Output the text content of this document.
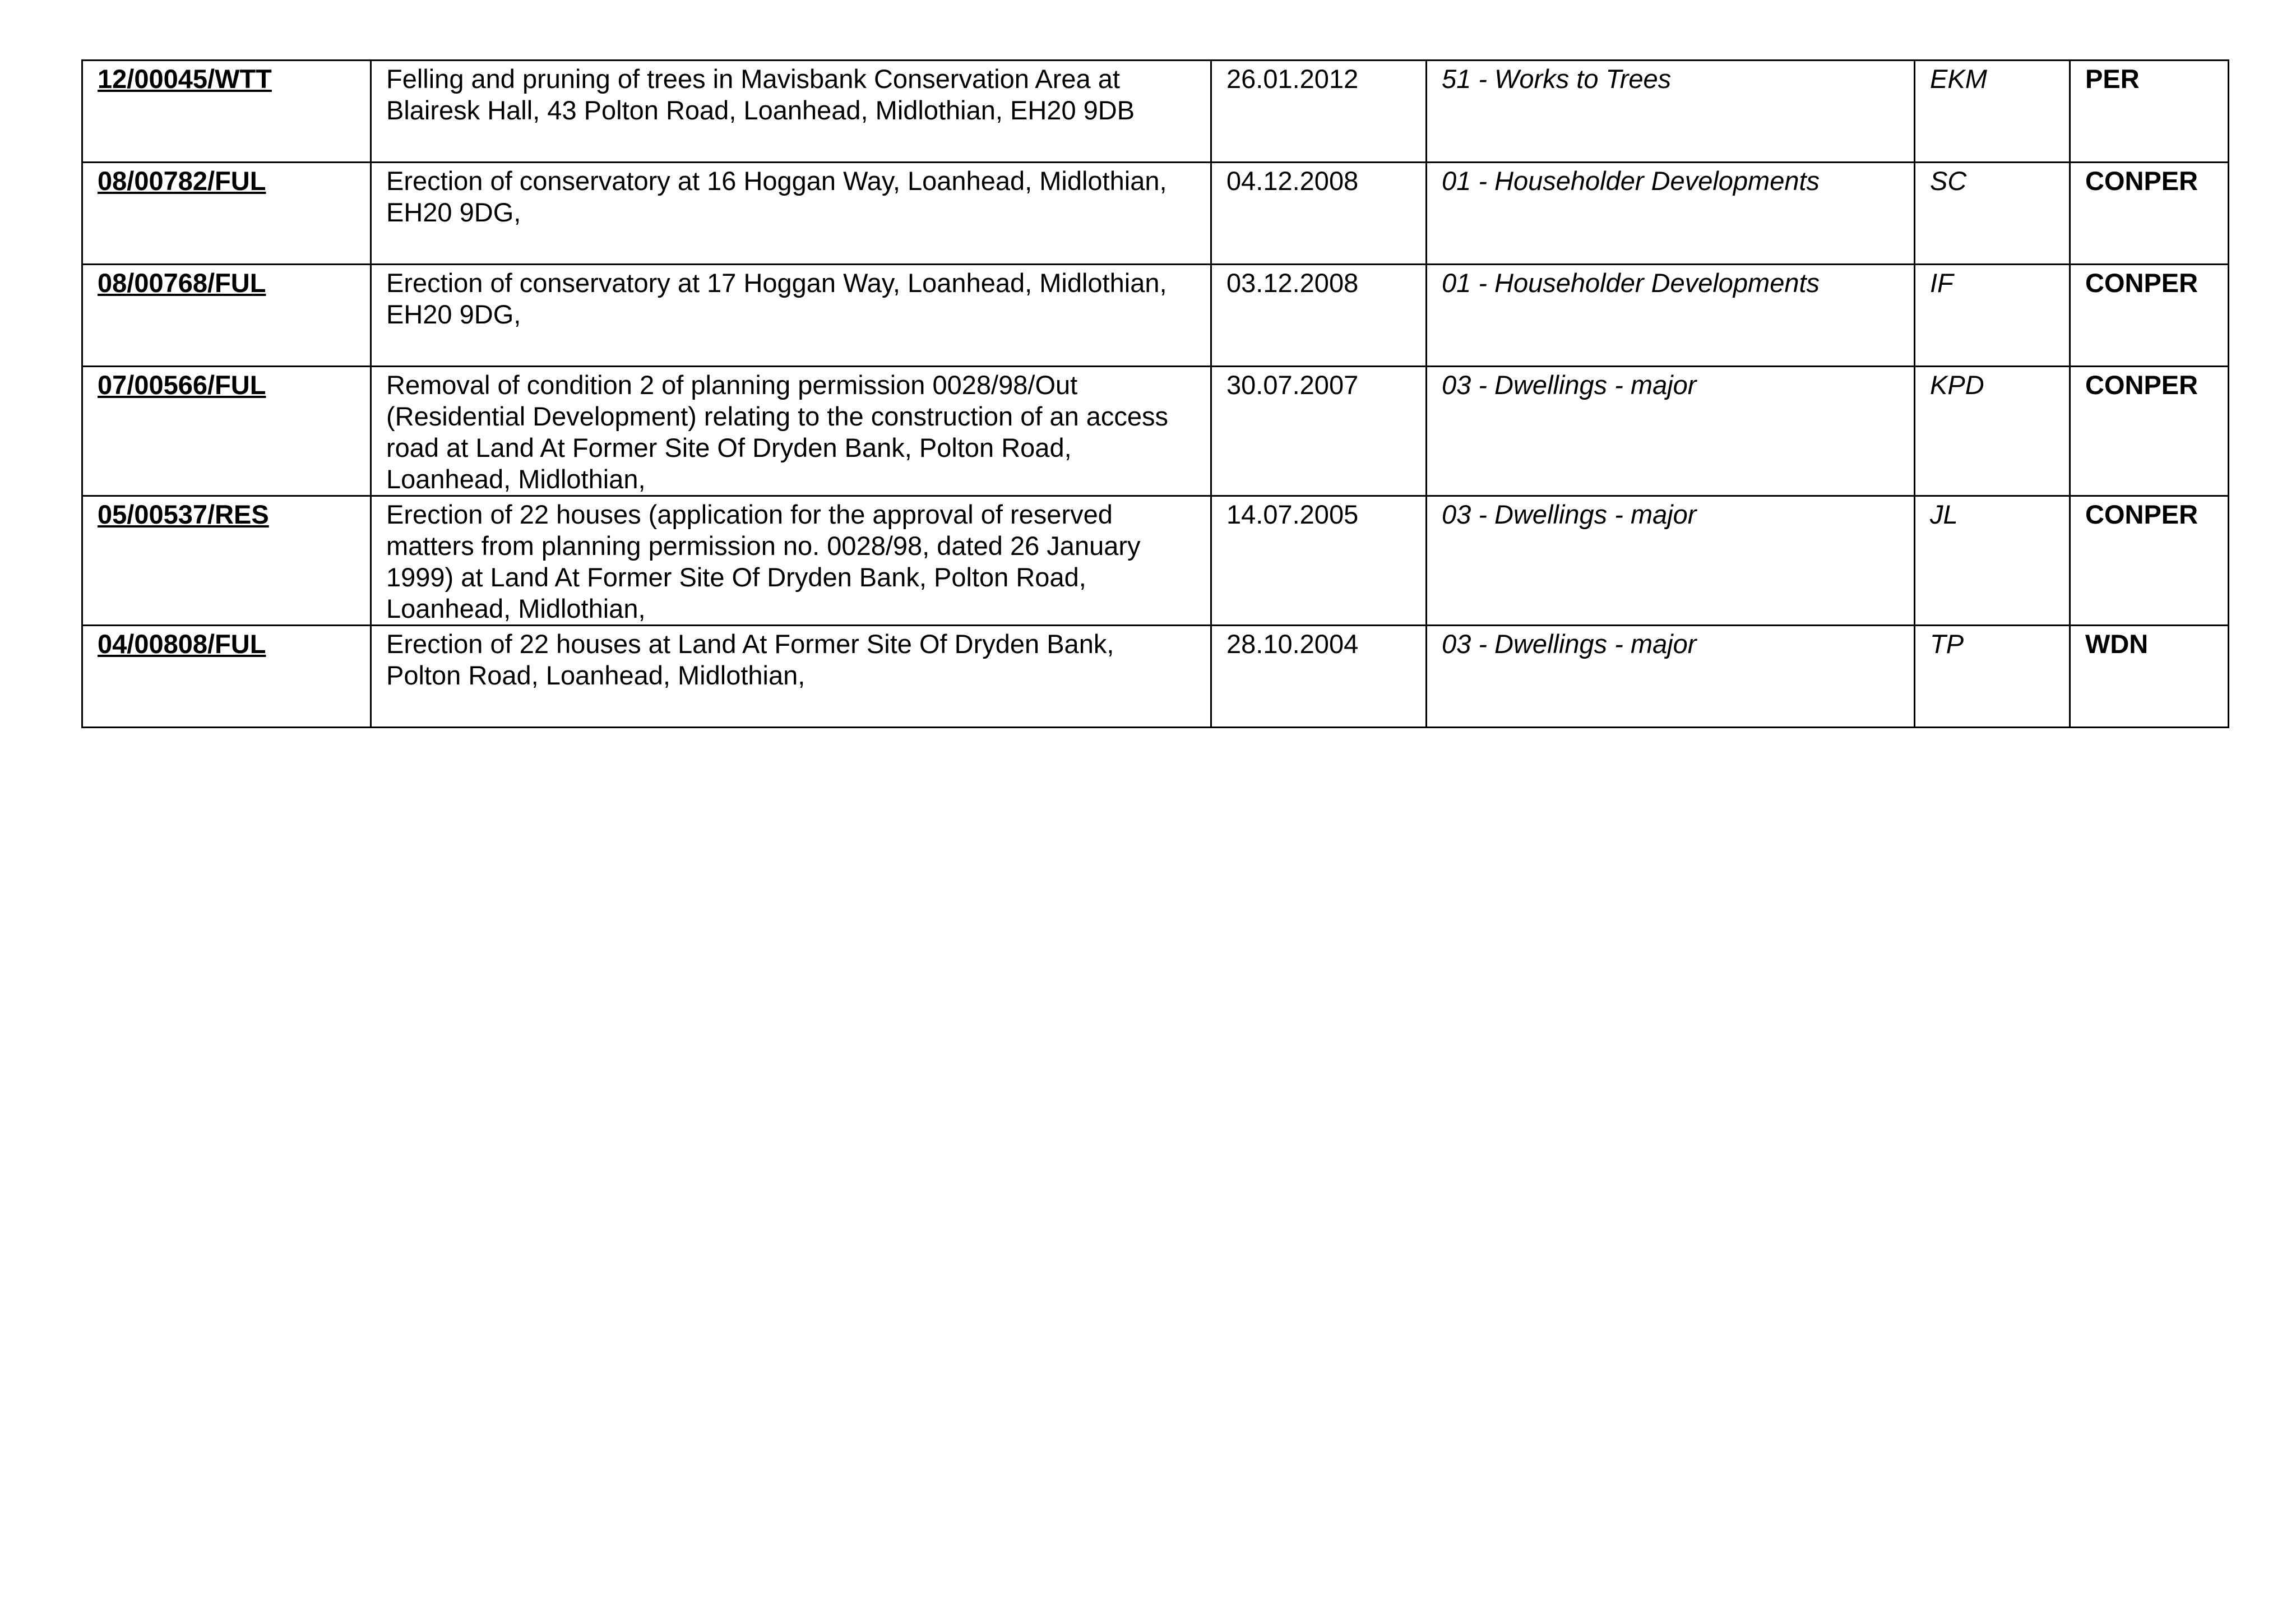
12/00045/WTT	Felling and pruning of trees in Mavisbank Conservation Area at Blairesk Hall, 43 Polton Road, Loanhead, Midlothian, EH20 9DB	26.01.2012	51 - Works to Trees	EKM	PER
08/00782/FUL	Erection of conservatory at 16 Hoggan Way, Loanhead, Midlothian, EH20 9DG,	04.12.2008	01 - Householder Developments	SC	CONPER
08/00768/FUL	Erection of conservatory at 17 Hoggan Way, Loanhead, Midlothian, EH20 9DG,	03.12.2008	01 - Householder Developments	IF	CONPER
07/00566/FUL	Removal of condition 2 of planning permission 0028/98/Out (Residential Development) relating to the construction of an access road at Land At Former Site Of Dryden Bank, Polton Road, Loanhead, Midlothian,	30.07.2007	03 - Dwellings - major	KPD	CONPER
05/00537/RES	Erection of 22 houses (application for the approval of reserved matters from planning permission no. 0028/98, dated 26 January 1999) at Land At Former Site Of Dryden Bank, Polton Road, Loanhead, Midlothian,	14.07.2005	03 - Dwellings - major	JL	CONPER
04/00808/FUL	Erection of 22 houses at Land At Former Site Of Dryden Bank, Polton Road, Loanhead, Midlothian,	28.10.2004	03 - Dwellings - major	TP	WDN
